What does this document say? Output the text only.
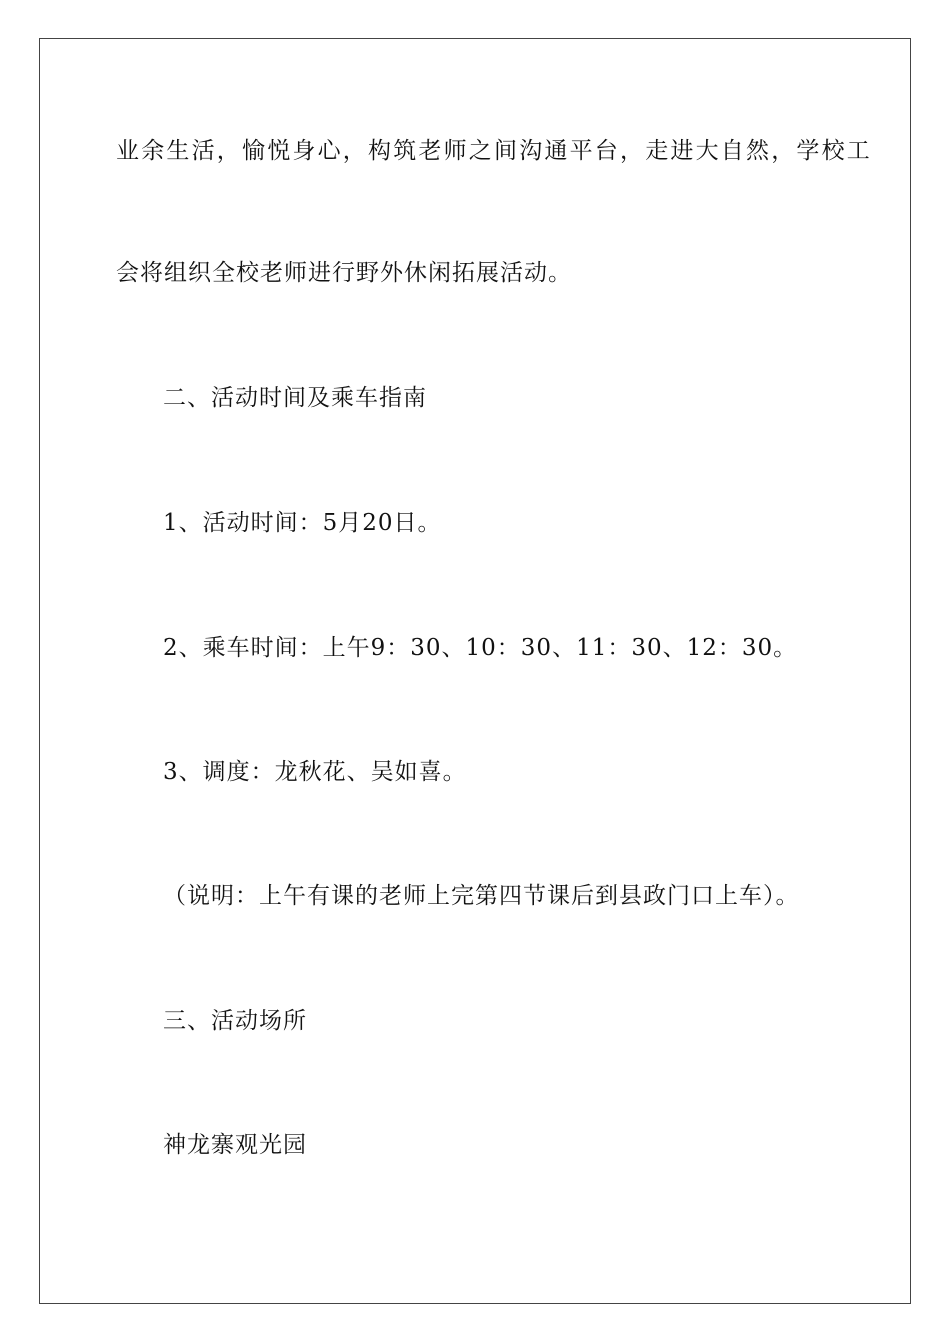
业余生活，愉悦身心，构筑老师之间沟通平台，走进大自然，学校工
会将组织全校老师进行野外休闲拓展活动。
二、活动时间及乘车指南
1、活动时间：5月20日。
2、乘车时间：上午9：30、10：30、11：30、12：30。
3、调度：龙秋花、吴如喜。
（说明：上午有课的老师上完第四节课后到县政门口上车）。
三、活动场所
神龙寨观光园
